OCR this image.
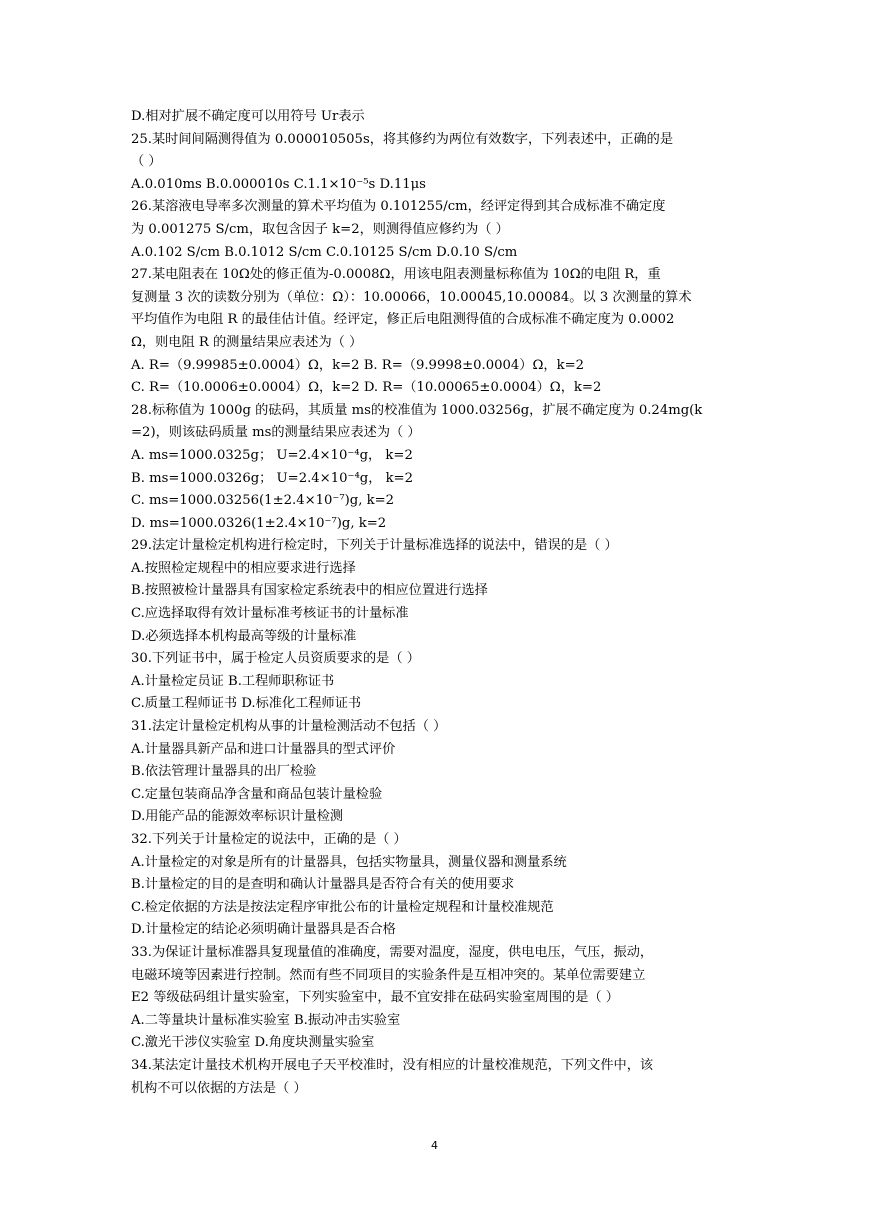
D.相对扩展不确定度可以用符号 Ur表示
25.某时间间隔测得值为 0.000010505s，将其修约为两位有效数字，下列表述中，正确的是
（ ）
A.0.010ms B.0.000010s C.1.1×10⁻⁵s D.11μs
26.某溶液电导率多次测量的算术平均值为 0.101255/cm，经评定得到其合成标准不确定度
为 0.001275 S/cm，取包含因子 k=2，则测得值应修约为（ ）
A.0.102 S/cm B.0.1012 S/cm C.0.10125 S/cm D.0.10 S/cm
27.某电阻表在 10Ω处的修正值为-0.0008Ω，用该电阻表测量标称值为 10Ω的电阻 R，重
复测量 3 次的读数分别为（单位：Ω）：10.00066，10.00045,10.00084。以 3 次测量的算术
平均值作为电阻 R 的最佳估计值。经评定，修正后电阻测得值的合成标准不确定度为 0.0002
Ω，则电阻 R 的测量结果应表述为（ ）
A. R=（9.99985±0.0004）Ω，k=2 B. R=（9.9998±0.0004）Ω，k=2
C. R=（10.0006±0.0004）Ω，k=2 D. R=（10.00065±0.0004）Ω，k=2
28.标称值为 1000g 的砝码，其质量 ms的校准值为 1000.03256g，扩展不确定度为 0.24mg(k
=2)，则该砝码质量 ms的测量结果应表述为（ ）
A. ms=1000.0325g； U=2.4×10⁻⁴g， k=2
B. ms=1000.0326g； U=2.4×10⁻⁴g， k=2
C. ms=1000.03256(1±2.4×10⁻⁷)g, k=2
D. ms=1000.0326(1±2.4×10⁻⁷)g, k=2
29.法定计量检定机构进行检定时，下列关于计量标准选择的说法中，错误的是（ ）
A.按照检定规程中的相应要求进行选择
B.按照被检计量器具有国家检定系统表中的相应位置进行选择
C.应选择取得有效计量标准考核证书的计量标准
D.必须选择本机构最高等级的计量标准
30.下列证书中，属于检定人员资质要求的是（ ）
A.计量检定员证 B.工程师职称证书
C.质量工程师证书 D.标准化工程师证书
31.法定计量检定机构从事的计量检测活动不包括（ ）
A.计量器具新产品和进口计量器具的型式评价
B.依法管理计量器具的出厂检验
C.定量包装商品净含量和商品包装计量检验
D.用能产品的能源效率标识计量检测
32.下列关于计量检定的说法中，正确的是（ ）
A.计量检定的对象是所有的计量器具，包括实物量具，测量仪器和测量系统
B.计量检定的目的是查明和确认计量器具是否符合有关的使用要求
C.检定依据的方法是按法定程序审批公布的计量检定规程和计量校准规范
D.计量检定的结论必须明确计量器具是否合格
33.为保证计量标准器具复现量值的准确度，需要对温度，湿度，供电电压，气压，振动，
电磁环境等因素进行控制。然而有些不同项目的实验条件是互相冲突的。某单位需要建立
E2 等级砝码组计量实验室，下列实验室中，最不宜安排在砝码实验室周围的是（ ）
A.二等量块计量标准实验室 B.振动冲击实验室
C.激光干涉仪实验室 D.角度块测量实验室
34.某法定计量技术机构开展电子天平校准时，没有相应的计量校准规范，下列文件中，该
机构不可以依据的方法是（ ）
4
